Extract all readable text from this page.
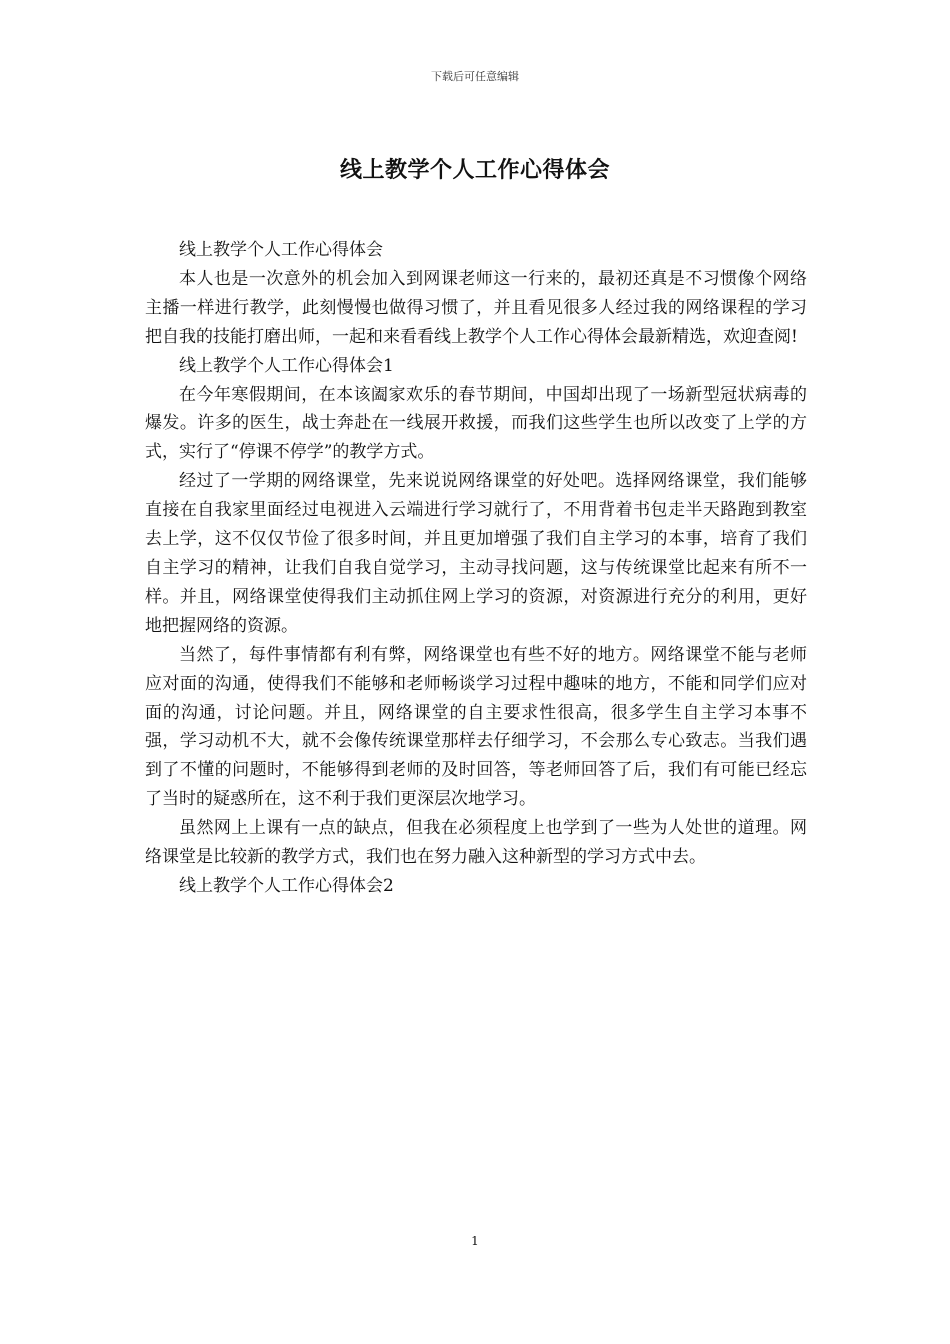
下载后可任意编辑
线上教学个人工作心得体会

线上教学个人工作心得体会

本人也是一次意外的机会加入到网课老师这一行来的，最初还真是不习惯像个网络主播一样进行教学，此刻慢慢也做得习惯了，并且看见很多人经过我的网络课程的学习把自我的技能打磨出师，一起和来看看线上教学个人工作心得体会最新精选，欢迎查阅!

线上教学个人工作心得体会1

在今年寒假期间，在本该阖家欢乐的春节期间，中国却出现了一场新型冠状病毒的爆发。许多的医生，战士奔赴在一线展开救援，而我们这些学生也所以改变了上学的方式，实行了“停课不停学”的教学方式。

经过了一学期的网络课堂，先来说说网络课堂的好处吧。选择网络课堂，我们能够直接在自我家里面经过电视进入云端进行学习就行了，不用背着书包走半天路跑到教室去上学，这不仅仅节俭了很多时间，并且更加增强了我们自主学习的本事，培育了我们自主学习的精神，让我们自我自觉学习，主动寻找问题，这与传统课堂比起来有所不一样。并且，网络课堂使得我们主动抓住网上学习的资源，对资源进行充分的利用，更好地把握网络的资源。

当然了，每件事情都有利有弊，网络课堂也有些不好的地方。网络课堂不能与老师应对面的沟通，使得我们不能够和老师畅谈学习过程中趣味的地方，不能和同学们应对面的沟通，讨论问题。并且，网络课堂的自主要求性很高，很多学生自主学习本事不强，学习动机不大，就不会像传统课堂那样去仔细学习，不会那么专心致志。当我们遇到了不懂的问题时，不能够得到老师的及时回答，等老师回答了后，我们有可能已经忘了当时的疑惑所在，这不利于我们更深层次地学习。

虽然网上上课有一点的缺点，但我在必须程度上也学到了一些为人处世的道理。网络课堂是比较新的教学方式，我们也在努力融入这种新型的学习方式中去。

线上教学个人工作心得体会2

1
